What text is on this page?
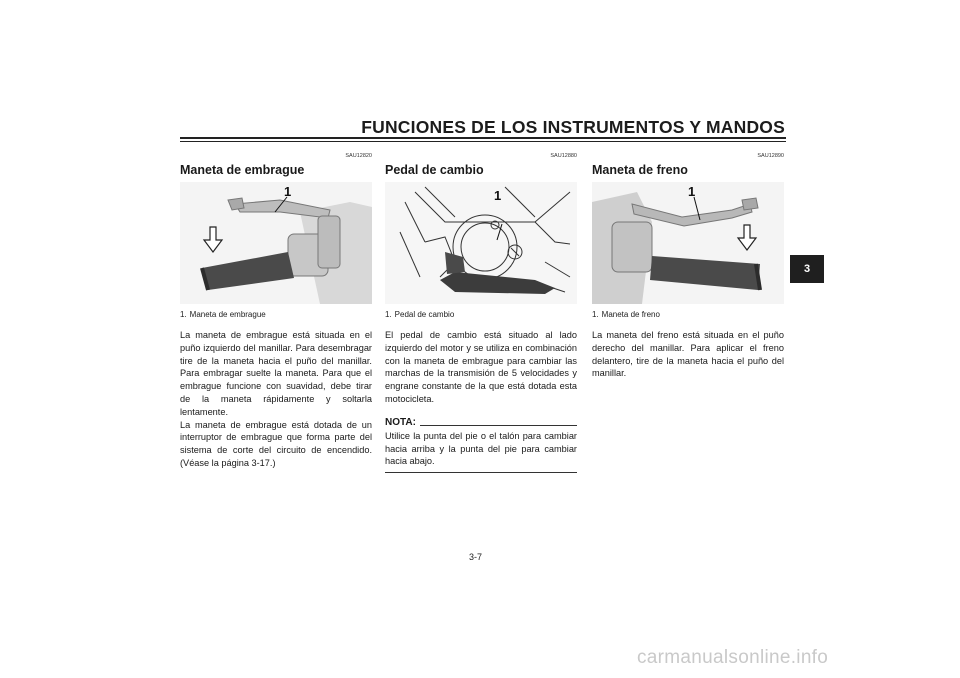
FUNCIONES DE LOS INSTRUMENTOS Y MANDOS
3
SAU12820
Maneta de embrague
1
1. Maneta de embrague
La maneta de embrague está situada en el puño izquierdo del manillar. Para desembragar tire de la maneta hacia el puño del manillar. Para embragar suelte la maneta. Para que el embrague funcione con suavidad, debe tirar de la maneta rápidamente y soltarla lentamente.
La maneta de embrague está dotada de un interruptor de embrague que forma parte del sistema de corte del circuito de encendido. (Véase la página 3-17.)
SAU12880
Pedal de cambio
1
1. Pedal de cambio
El pedal de cambio está situado al lado izquierdo del motor y se utiliza en combinación con la maneta de embrague para cambiar las marchas de la transmisión de 5 velocidades y engrane constante de la que está dotada esta motocicleta.
NOTA:
Utilice la punta del pie o el talón para cambiar hacia arriba y la punta del pie para cambiar hacia abajo.
SAU12890
Maneta de freno
1
1. Maneta de freno
La maneta del freno está situada en el puño derecho del manillar. Para aplicar el freno delantero, tire de la maneta hacia el puño del manillar.
3-7
carmanualsonline.info
